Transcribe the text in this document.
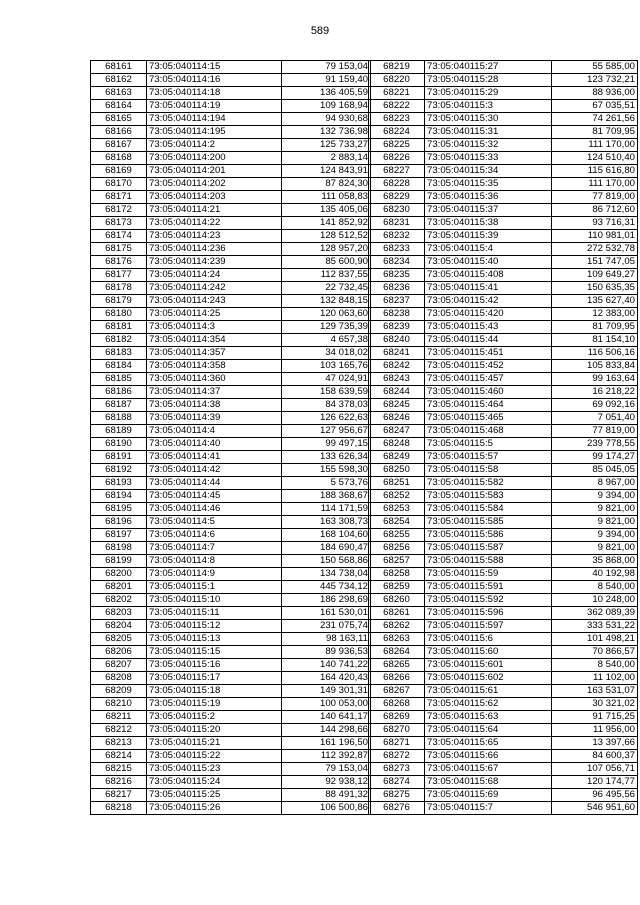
589
68161	73:05:040114:15	79 153,04
68162	73:05:040114:16	91 159,40
68163	73:05:040114:18	136 405,59
68164	73:05:040114:19	109 168,94
68165	73:05:040114:194	94 930,68
68166	73:05:040114:195	132 736,98
68167	73:05:040114:2	125 733,27
68168	73:05:040114:200	2 883,14
68169	73:05:040114:201	124 843,91
68170	73:05:040114:202	87 824,30
68171	73:05:040114:203	111 058,83
68172	73:05:040114:21	135 405,06
68173	73:05:040114:22	141 852,92
68174	73:05:040114:23	128 512,52
68175	73:05:040114:236	128 957,20
68176	73:05:040114:239	85 600,90
68177	73:05:040114:24	112 837,55
68178	73:05:040114:242	22 732,45
68179	73:05:040114:243	132 848,15
68180	73:05:040114:25	120 063,60
68181	73:05:040114:3	129 735,39
68182	73:05:040114:354	4 657,38
68183	73:05:040114:357	34 018,02
68184	73:05:040114:358	103 165,76
68185	73:05:040114:360	47 024,91
68186	73:05:040114:37	158 639,59
68187	73:05:040114:38	84 378,03
68188	73:05:040114:39	126 622,63
68189	73:05:040114:4	127 956,67
68190	73:05:040114:40	99 497,15
68191	73:05:040114:41	133 626,34
68192	73:05:040114:42	155 598,30
68193	73:05:040114:44	5 573,76
68194	73:05:040114:45	188 368,67
68195	73:05:040114:46	114 171,59
68196	73:05:040114:5	163 308,73
68197	73:05:040114:6	168 104,60
68198	73:05:040114:7	184 690,47
68199	73:05:040114:8	150 568,86
68200	73:05:040114:9	134 738,04
68201	73:05:040115:1	445 734,12
68202	73:05:040115:10	186 298,69
68203	73:05:040115:11	161 530,01
68204	73:05:040115:12	231 075,74
68205	73:05:040115:13	98 163,11
68206	73:05:040115:15	89 936,53
68207	73:05:040115:16	140 741,22
68208	73:05:040115:17	164 420,43
68209	73:05:040115:18	149 301,31
68210	73:05:040115:19	100 053,00
68211	73:05:040115:2	140 641,17
68212	73:05:040115:20	144 298,66
68213	73:05:040115:21	161 196,50
68214	73:05:040115:22	112 392,87
68215	73:05:040115:23	79 153,04
68216	73:05:040115:24	92 938,12
68217	73:05:040115:25	88 491,32
68218	73:05:040115:26	106 500,86
68219	73:05:040115:27	55 585,00
68220	73:05:040115:28	123 732,21
68221	73:05:040115:29	88 936,00
68222	73:05:040115:3	67 035,51
68223	73:05:040115:30	74 261,56
68224	73:05:040115:31	81 709,95
68225	73:05:040115:32	111 170,00
68226	73:05:040115:33	124 510,40
68227	73:05:040115:34	115 616,80
68228	73:05:040115:35	111 170,00
68229	73:05:040115:36	77 819,00
68230	73:05:040115:37	86 712,60
68231	73:05:040115:38	93 716,31
68232	73:05:040115:39	110 981,01
68233	73:05:040115:4	272 532,78
68234	73:05:040115:40	151 747,05
68235	73:05:040115:408	109 649,27
68236	73:05:040115:41	150 635,35
68237	73:05:040115:42	135 627,40
68238	73:05:040115:420	12 383,00
68239	73:05:040115:43	81 709,95
68240	73:05:040115:44	81 154,10
68241	73:05:040115:451	116 506,16
68242	73:05:040115:452	105 833,84
68243	73:05:040115:457	99 163,64
68244	73:05:040115:460	16 218,22
68245	73:05:040115:464	69 092,16
68246	73:05:040115:465	7 051,40
68247	73:05:040115:468	77 819,00
68248	73:05:040115:5	239 778,55
68249	73:05:040115:57	99 174,27
68250	73:05:040115:58	85 045,05
68251	73:05:040115:582	8 967,00
68252	73:05:040115:583	9 394,00
68253	73:05:040115:584	9 821,00
68254	73:05:040115:585	9 821,00
68255	73:05:040115:586	9 394,00
68256	73:05:040115:587	9 821,00
68257	73:05:040115:588	35 868,00
68258	73:05:040115:59	40 192,98
68259	73:05:040115:591	8 540,00
68260	73:05:040115:592	10 248,00
68261	73:05:040115:596	362 089,39
68262	73:05:040115:597	333 531,22
68263	73:05:040115:6	101 498,21
68264	73:05:040115:60	70 866,57
68265	73:05:040115:601	8 540,00
68266	73:05:040115:602	11 102,00
68267	73:05:040115:61	163 531,07
68268	73:05:040115:62	30 321,02
68269	73:05:040115:63	91 715,25
68270	73:05:040115:64	11 956,00
68271	73:05:040115:65	13 397,66
68272	73:05:040115:66	84 600,37
68273	73:05:040115:67	107 056,71
68274	73:05:040115:68	120 174,77
68275	73:05:040115:69	96 495,56
68276	73:05:040115:7	546 951,60
